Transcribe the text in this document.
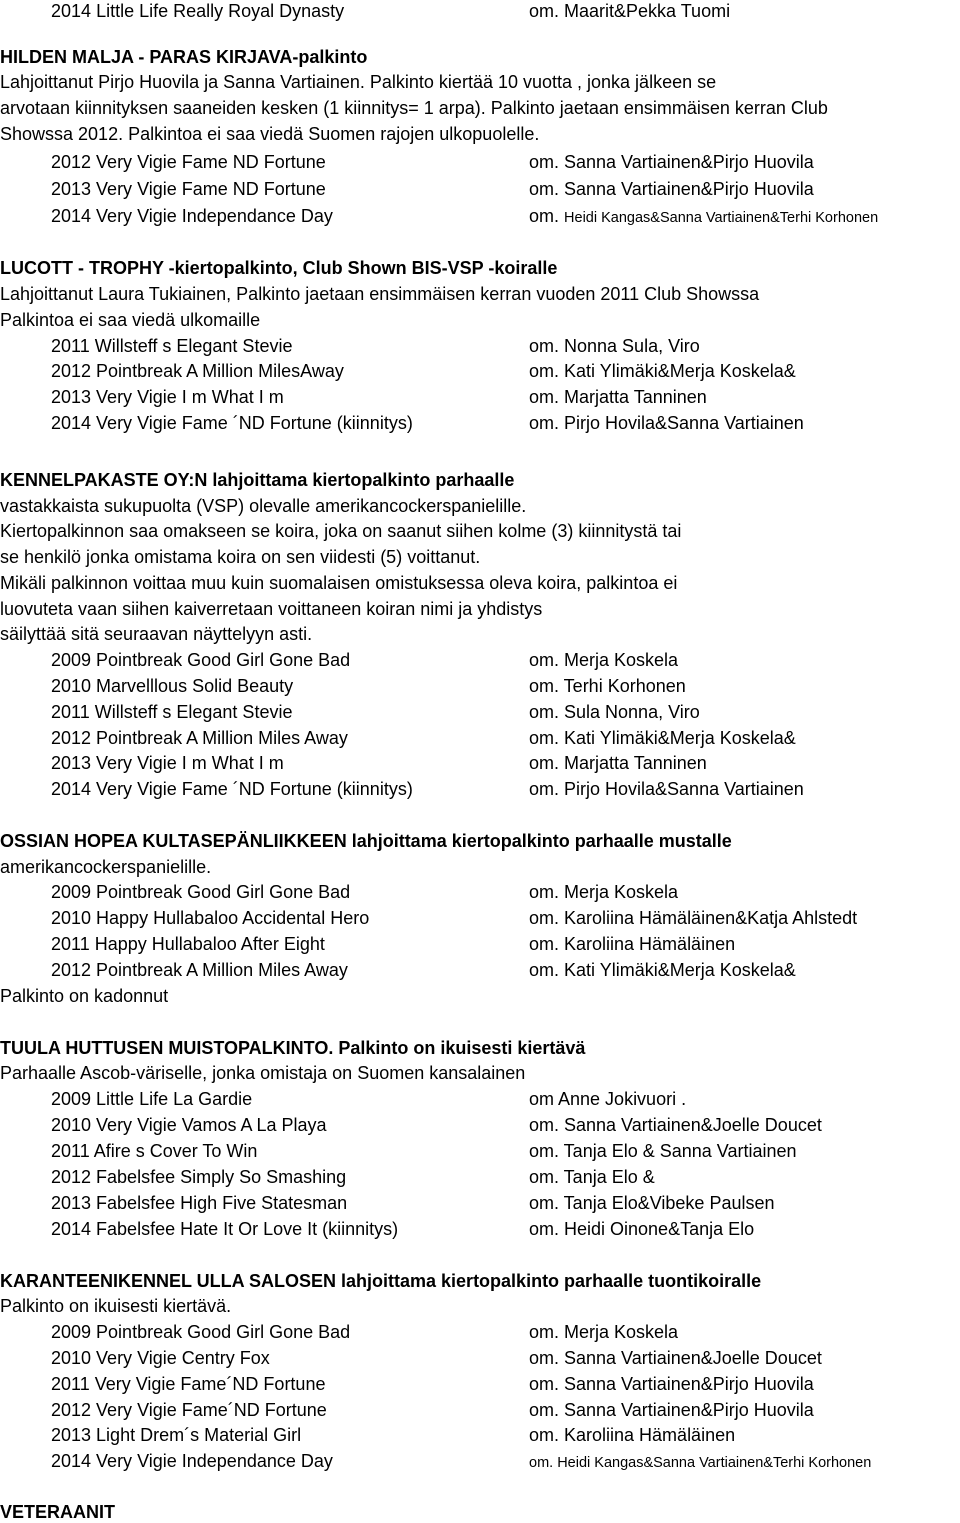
2014 Little Life Really Royal Dynasty	om. Maarit&Pekka Tuomi
HILDEN MALJA - PARAS KIRJAVA-palkinto
Lahjoittanut Pirjo Huovila ja Sanna Vartiainen. Palkinto kiertää 10 vuotta , jonka jälkeen se
arvotaan kiinnityksen saaneiden kesken (1 kiinnitys= 1 arpa). Palkinto jaetaan ensimmäisen kerran Club
Showssa 2012. Palkintoa ei saa viedä Suomen rajojen ulkopuolelle.
2012 Very Vigie Fame ND Fortune	om. Sanna Vartiainen&Pirjo Huovila
2013 Very Vigie Fame ND Fortune	om. Sanna Vartiainen&Pirjo Huovila
2014 Very Vigie Independance Day	om. Heidi Kangas&Sanna Vartiainen&Terhi Korhonen
LUCOTT - TROPHY -kiertopalkinto, Club Shown BIS-VSP -koiralle
Lahjoittanut Laura Tukiainen, Palkinto jaetaan ensimmäisen kerran vuoden 2011 Club Showssa
Palkintoa ei saa viedä ulkomaille
2011 Willsteff s Elegant Stevie	om. Nonna Sula, Viro
2012 Pointbreak A Million MilesAway	om. Kati Ylimäki&Merja Koskela&
2013 Very Vigie I m What I m	om. Marjatta Tanninen
2014 Very Vigie Fame ´ND Fortune (kiinnitys)	om. Pirjo Hovila&Sanna Vartiainen
KENNELPAKASTE OY:N lahjoittama kiertopalkinto parhaalle
vastakkaista sukupuolta (VSP) olevalle amerikancockerspanielille.
Kiertopalkinnon saa omakseen se koira, joka on saanut siihen kolme (3) kiinnitystä tai
se henkilö jonka omistama koira on sen viidesti (5) voittanut.
Mikäli palkinnon voittaa muu kuin suomalaisen omistuksessa oleva koira, palkintoa ei
luovuteta vaan siihen kaiverretaan voittaneen koiran nimi ja yhdistys
säilyttää sitä seuraavan näyttelyyn asti.
2009 Pointbreak Good Girl Gone Bad	om. Merja Koskela
2010 Marvelllous Solid Beauty	om. Terhi Korhonen
2011 Willsteff s Elegant Stevie	om. Sula Nonna, Viro
2012 Pointbreak A Million Miles Away	om. Kati Ylimäki&Merja Koskela&
2013 Very Vigie I m What I m	om. Marjatta Tanninen
2014 Very Vigie Fame ´ND Fortune (kiinnitys)	om. Pirjo Hovila&Sanna Vartiainen
OSSIAN HOPEA KULTASEPÄNLIIKKEEN lahjoittama kiertopalkinto parhaalle mustalle
amerikancockerspanielille.
2009 Pointbreak Good Girl Gone Bad	om. Merja Koskela
2010 Happy Hullabaloo Accidental Hero	om. Karoliina Hämäläinen&Katja Ahlstedt
2011 Happy Hullabaloo After Eight	om. Karoliina Hämäläinen
2012 Pointbreak A Million Miles Away	om. Kati Ylimäki&Merja Koskela&
Palkinto on kadonnut
TUULA HUTTUSEN MUISTOPALKINTO. Palkinto on ikuisesti kiertävä
Parhaalle Ascob-väriselle, jonka omistaja on Suomen kansalainen
2009 Little Life La Gardie	om Anne Jokivuori .
2010 Very Vigie Vamos A La Playa	om. Sanna Vartiainen&Joelle Doucet
2011 Afire s Cover To Win	om. Tanja Elo & Sanna Vartiainen
2012 Fabelsfee Simply So Smashing	om. Tanja Elo &
2013 Fabelsfee High Five Statesman	om. Tanja Elo&Vibeke Paulsen
2014 Fabelsfee Hate It Or Love It (kiinnitys)	om. Heidi Oinone&Tanja Elo
KARANTEENIKENNEL ULLA SALOSEN lahjoittama kiertopalkinto parhaalle tuontikoiralle
Palkinto on ikuisesti kiertävä.
2009 Pointbreak Good Girl Gone Bad	om. Merja Koskela
2010 Very Vigie Centry Fox	om. Sanna Vartiainen&Joelle Doucet
2011 Very Vigie Fame´ND Fortune	om. Sanna Vartiainen&Pirjo Huovila
2012 Very Vigie Fame´ND Fortune	om. Sanna Vartiainen&Pirjo Huovila
2013 Light Drem´s Material Girl	om. Karoliina Hämäläinen
2014 Very Vigie Independance Day	om. Heidi Kangas&Sanna Vartiainen&Terhi Korhonen
VETERAANIT
